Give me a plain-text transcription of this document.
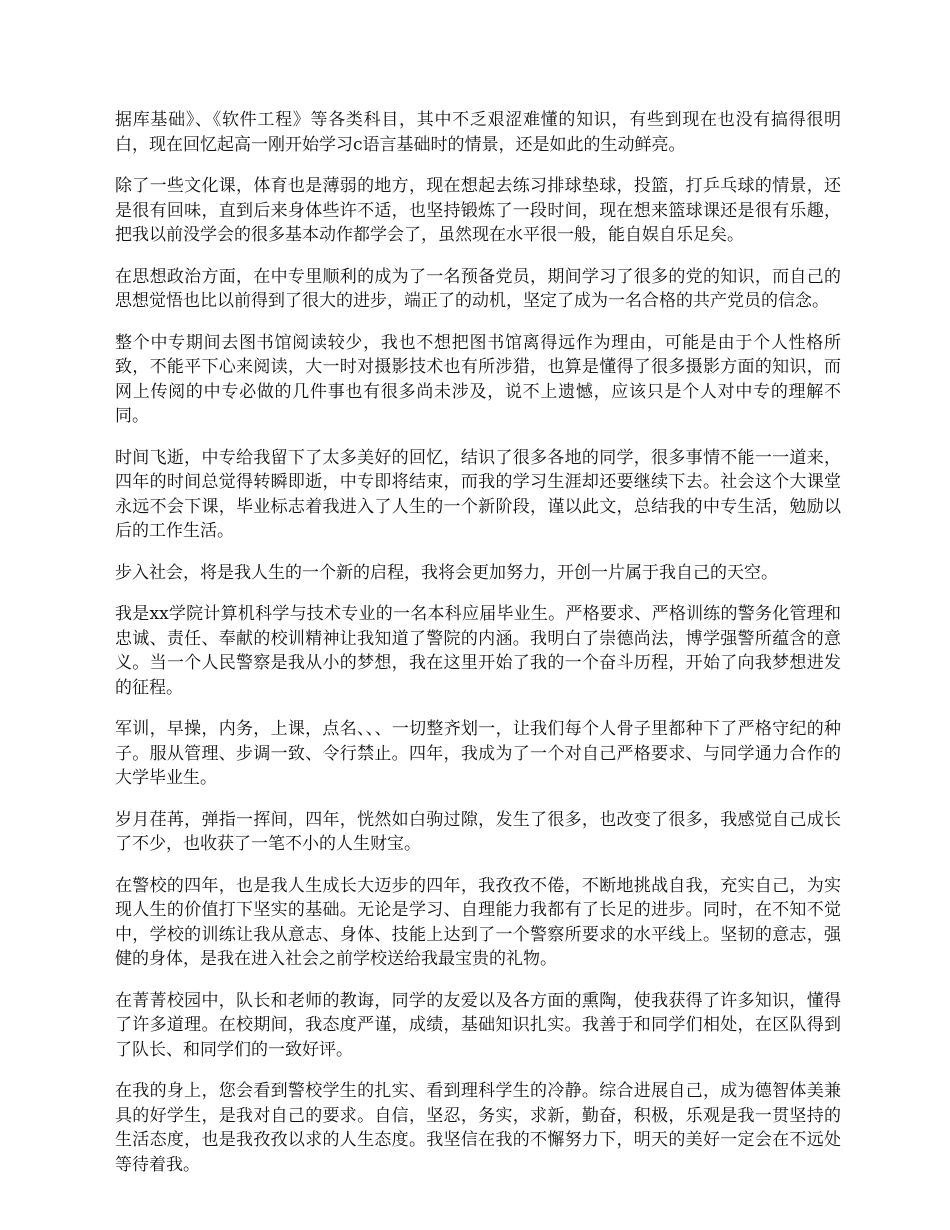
据库基础》、《软件工程》等各类科目，其中不乏艰涩难懂的知识，有些到现在也没有搞得很明白，现在回忆起高一刚开始学习c语言基础时的情景，还是如此的生动鲜亮。

除了一些文化课，体育也是薄弱的地方，现在想起去练习排球垫球，投篮，打乒乓球的情景，还是很有回味，直到后来身体些许不适，也坚持锻炼了一段时间，现在想来篮球课还是很有乐趣，把我以前没学会的很多基本动作都学会了，虽然现在水平很一般，能自娱自乐足矣。

在思想政治方面，在中专里顺利的成为了一名预备党员，期间学习了很多的党的知识，而自己的思想觉悟也比以前得到了很大的进步，端正了的动机，坚定了成为一名合格的共产党员的信念。

整个中专期间去图书馆阅读较少，我也不想把图书馆离得远作为理由，可能是由于个人性格所致，不能平下心来阅读，大一时对摄影技术也有所涉猎，也算是懂得了很多摄影方面的知识，而网上传阅的中专必做的几件事也有很多尚未涉及，说不上遗憾，应该只是个人对中专的理解不同。

时间飞逝，中专给我留下了太多美好的回忆，结识了很多各地的同学，很多事情不能一一道来，四年的时间总觉得转瞬即逝，中专即将结束，而我的学习生涯却还要继续下去。社会这个大课堂永远不会下课，毕业标志着我进入了人生的一个新阶段，谨以此文，总结我的中专生活，勉励以后的工作生活。

步入社会，将是我人生的一个新的启程，我将会更加努力，开创一片属于我自己的天空。

我是xx学院计算机科学与技术专业的一名本科应届毕业生。严格要求、严格训练的警务化管理和忠诚、责任、奉献的校训精神让我知道了警院的内涵。我明白了崇德尚法，博学强警所蕴含的意义。当一个人民警察是我从小的梦想，我在这里开始了我的一个奋斗历程，开始了向我梦想进发的征程。

军训，早操，内务，上课，点名、、、一切整齐划一，让我们每个人骨子里都种下了严格守纪的种子。服从管理、步调一致、令行禁止。四年，我成为了一个对自己严格要求、与同学通力合作的大学毕业生。

岁月荏苒，弹指一挥间，四年，恍然如白驹过隙，发生了很多，也改变了很多，我感觉自己成长了不少，也收获了一笔不小的人生财宝。

在警校的四年，也是我人生成长大迈步的四年，我孜孜不倦，不断地挑战自我，充实自己，为实现人生的价值打下坚实的基础。无论是学习、自理能力我都有了长足的进步。同时，在不知不觉中，学校的训练让我从意志、身体、技能上达到了一个警察所要求的水平线上。坚韧的意志，强健的身体，是我在进入社会之前学校送给我最宝贵的礼物。

在菁菁校园中，队长和老师的教诲，同学的友爱以及各方面的熏陶，使我获得了许多知识，懂得了许多道理。在校期间，我态度严谨，成绩，基础知识扎实。我善于和同学们相处，在区队得到了队长、和同学们的一致好评。

在我的身上，您会看到警校学生的扎实、看到理科学生的冷静。综合进展自己，成为德智体美兼具的好学生，是我对自己的要求。自信，坚忍，务实，求新，勤奋，积极，乐观是我一贯坚持的生活态度，也是我孜孜以求的人生态度。我坚信在我的不懈努力下，明天的美好一定会在不远处等待着我。
